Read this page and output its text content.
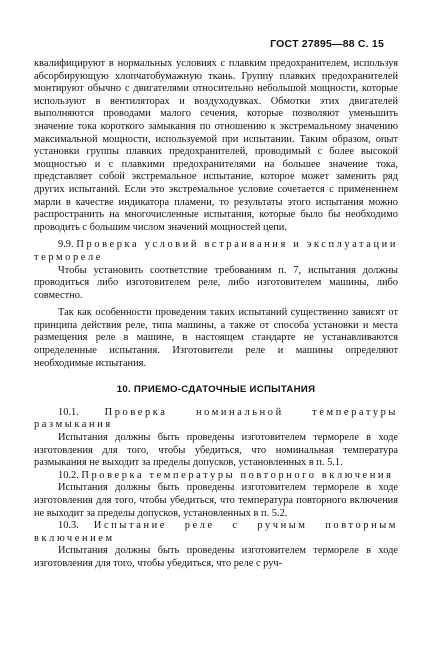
ГОСТ 27895—88 С. 15

квалифицируют в нормальных условиях с плавким предохранителем, используя абсорбирующую хлопчатобумажную ткань. Группу плавких предохранителей монтируют обычно с двигателями относительно небольшой мощности, которые используют в вентиляторах и воздуходувках. Обмотки этих двигателей выполняются проводами малого сечения, которые позволяют уменьшить значение тока короткого замыкания по отношению к экстремальному значению максимальной мощности, используемой при испытании. Таким образом, опыт установки группы плавких предохранителей, проводимый с более высокой мощностью и с плавкими предохранителями на большее значение тока, представляет собой экстремальное испытание, которое может заменить ряд других испытаний. Если это экстремальное условие сочетается с применением марли в качестве индикатора пламени, то результаты этого испытания можно распространить на многочисленные испытания, которые было бы необходимо проводить с большим числом значений мощностей цепи.

9.9. Проверка условий встраивания и эксплуатации термореле

Чтобы установить соответствие требованиям п. 7, испытания должны проводиться либо изготовителем реле, либо изготовителем машины, либо совместно.

Так как особенности проведения таких испытаний существенно зависят от принципа действия реле, типа машины, а также от способа установки и места размещения реле в машине, в настоящем стандарте не устанавливаются определенные испытания. Изготовители реле и машины определяют необходимые испытания.

10. ПРИЕМО-СДАТОЧНЫЕ ИСПЫТАНИЯ

10.1. Проверка номинальной температуры размыкания

Испытания должны быть проведены изготовителем термореле в ходе изготовления для того, чтобы убедиться, что номинальная температура размыкания не выходит за пределы допусков, установленных в п. 5.1.

10.2. Проверка температуры повторного включения

Испытания должны быть проведены изготовителем термореле в ходе изготовления для того, чтобы убедиться, что температура повторного включения не выходит за пределы допусков, установленных в п. 5.2.

10.3. Испытание реле с ручным повторным включением

Испытания должны быть проведены изготовителем термореле в ходе изготовления для того, чтобы убедиться, что реле с руч-
